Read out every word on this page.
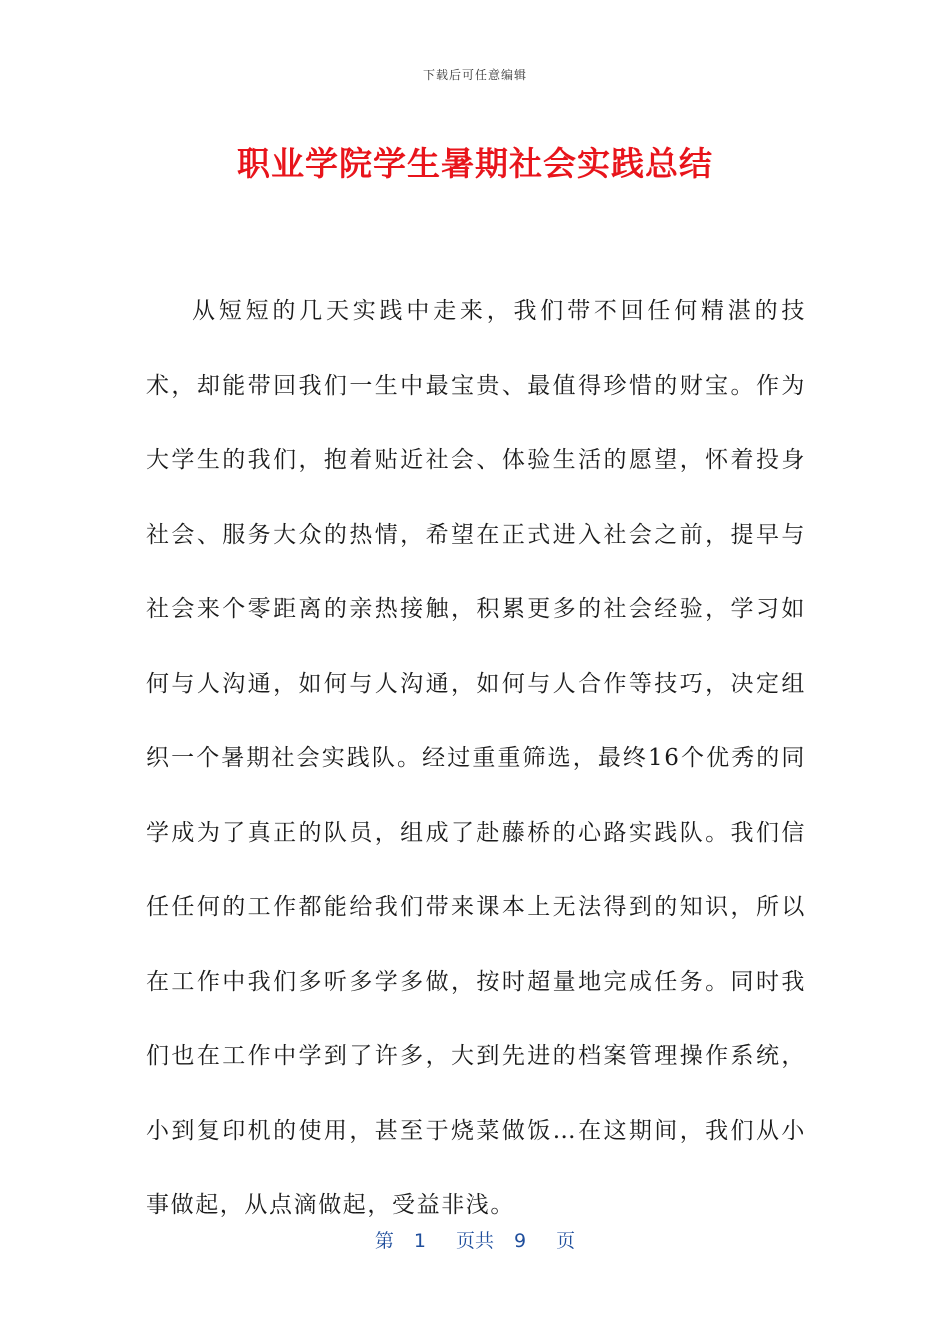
下载后可任意编辑
职业学院学生暑期社会实践总结

从短短的几天实践中走来，我们带不回任何精湛的技术，却能带回我们一生中最宝贵、最值得珍惜的财宝。作为大学生的我们，抱着贴近社会、体验生活的愿望，怀着投身社会、服务大众的热情，希望在正式进入社会之前，提早与社会来个零距离的亲热接触，积累更多的社会经验，学习如何与人沟通，如何与人沟通，如何与人合作等技巧，决定组织一个暑期社会实践队。经过重重筛选，最终16个优秀的同学成为了真正的队员，组成了赴藤桥的心路实践队。我们信任任何的工作都能给我们带来课本上无法得到的知识，所以在工作中我们多听多学多做，按时超量地完成任务。同时我们也在工作中学到了许多，大到先进的档案管理操作系统，小到复印机的使用，甚至于烧菜做饭…在这期间，我们从小事做起，从点滴做起，受益非浅。

第 1 页共 9 页
